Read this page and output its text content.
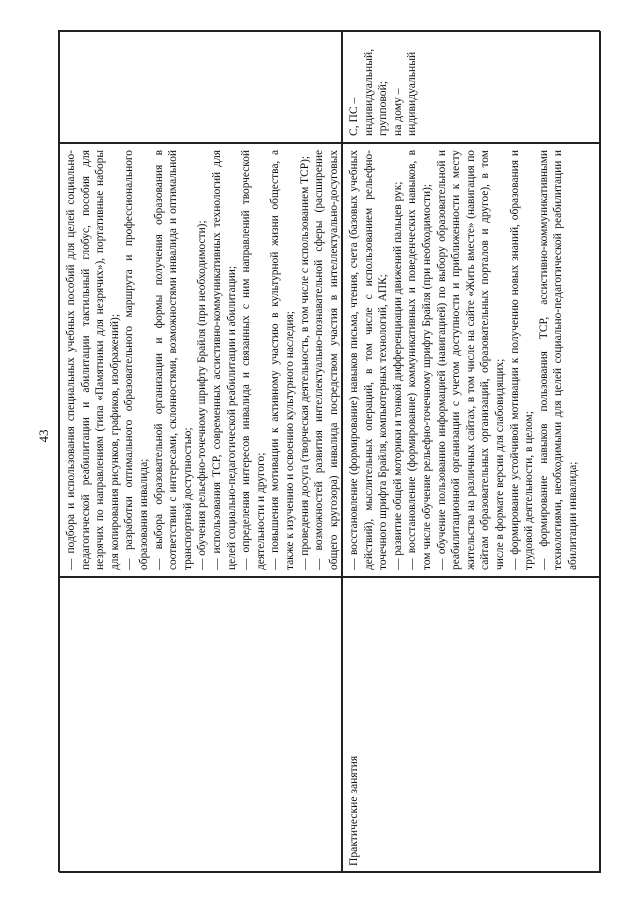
43 — подбора и использования специальных учебных пособий для целей социально-педагогической реабилитации и абилитации тактильный глобус, пособия для незрячих по направлениям (типа «Памятники для незрячих»), портативные наборы для копирования рисунков, графиков, изображений); — разработки оптимального образовательного маршрута и профессионального образования инвалида; — выбора образовательной организации и формы получения образования в соответствии с интересами, склонностями, возможностями инвалида и оптимальной транспортной доступностью; — обучения рельефно-точечному шрифту Брайля (при необходимости); — использования ТСР, современных ассистивно-коммуникативных технологий для целей социально-педагогической реабилитации и абилитации; — определения интересов инвалида и связанных с ним направлений творческой деятельности и другого; — повышения мотивации к активному участию в культурной жизни общества, а также к изучению и освоению культурного наследия; — проведения досуга (творческая деятельность, в том числе с использованием ТСР); — возможностей развития интеллектуально-познавательной сферы (расширение общего кругозора) инвалида посредством участия в интеллектуально-досуговых

Практические занятия

— восстановление (формирование) навыков письма, чтения, счета (базовых учебных действий), мыслительных операций, в том числе с использованием рельефно-точечного шрифта Брайля, компьютерных технологий, АПК; — развитие общей моторики и тонкой дифференциации движений пальцев рук; — восстановление (формирование) коммуникативных и поведенческих навыков, в том числе обучение рельефно-точечному шрифту Брайля (при необходимости); — обучение пользованию информацией (навигацией) по выбору образовательной и реабилитационной организации с учетом доступности и приближенности к месту жительства на различных сайтах, в том числе на сайте «Жить вместе» (навигация по сайтам образовательных организаций, образовательных порталов и другое), в том числе в формате версии для слабовидящих; — формирование устойчивой мотивации к получению новых знаний, образования и трудовой деятельности, в целом; — формирование навыков пользования ТСР, ассистивно-коммуникативными технологиями, необходимыми для целей социально-педагогической реабилитации и абилитации инвалида;

С, ПС – индивидуальный, групповой; на дому – индивидуальный
